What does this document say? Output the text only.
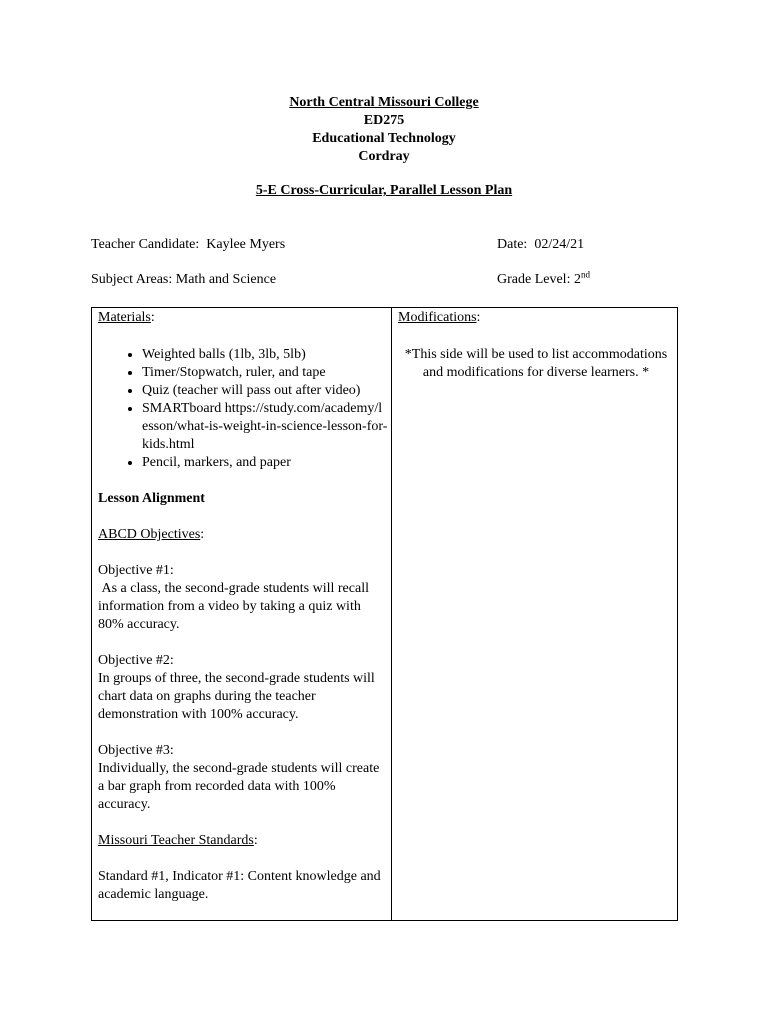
North Central Missouri College
ED275
Educational Technology
Cordray
5-E Cross-Curricular, Parallel Lesson Plan
Teacher Candidate: Kaylee Myers	Date: 02/24/21
Subject Areas: Math and Science	Grade Level: 2nd

Materials:

• Weighted balls (1lb, 3lb, 5lb)
• Timer/Stopwatch, ruler, and tape
• Quiz (teacher will pass out after video)
• SMARTboard https://study.com/academy/lesson/what-is-weight-in-science-lesson-for-kids.html
• Pencil, markers, and paper

Lesson Alignment

ABCD Objectives:

Objective #1:

As a class, the second-grade students will recall information from a video by taking a quiz with 80% accuracy.

Objective #2:

In groups of three, the second-grade students will chart data on graphs during the teacher demonstration with 100% accuracy.

Objective #3:

Individually, the second-grade students will create a bar graph from recorded data with 100% accuracy.

Missouri Teacher Standards:

Standard #1, Indicator #1: Content knowledge and academic language.

Modifications:

*This side will be used to list accommodations and modifications for diverse learners. *
